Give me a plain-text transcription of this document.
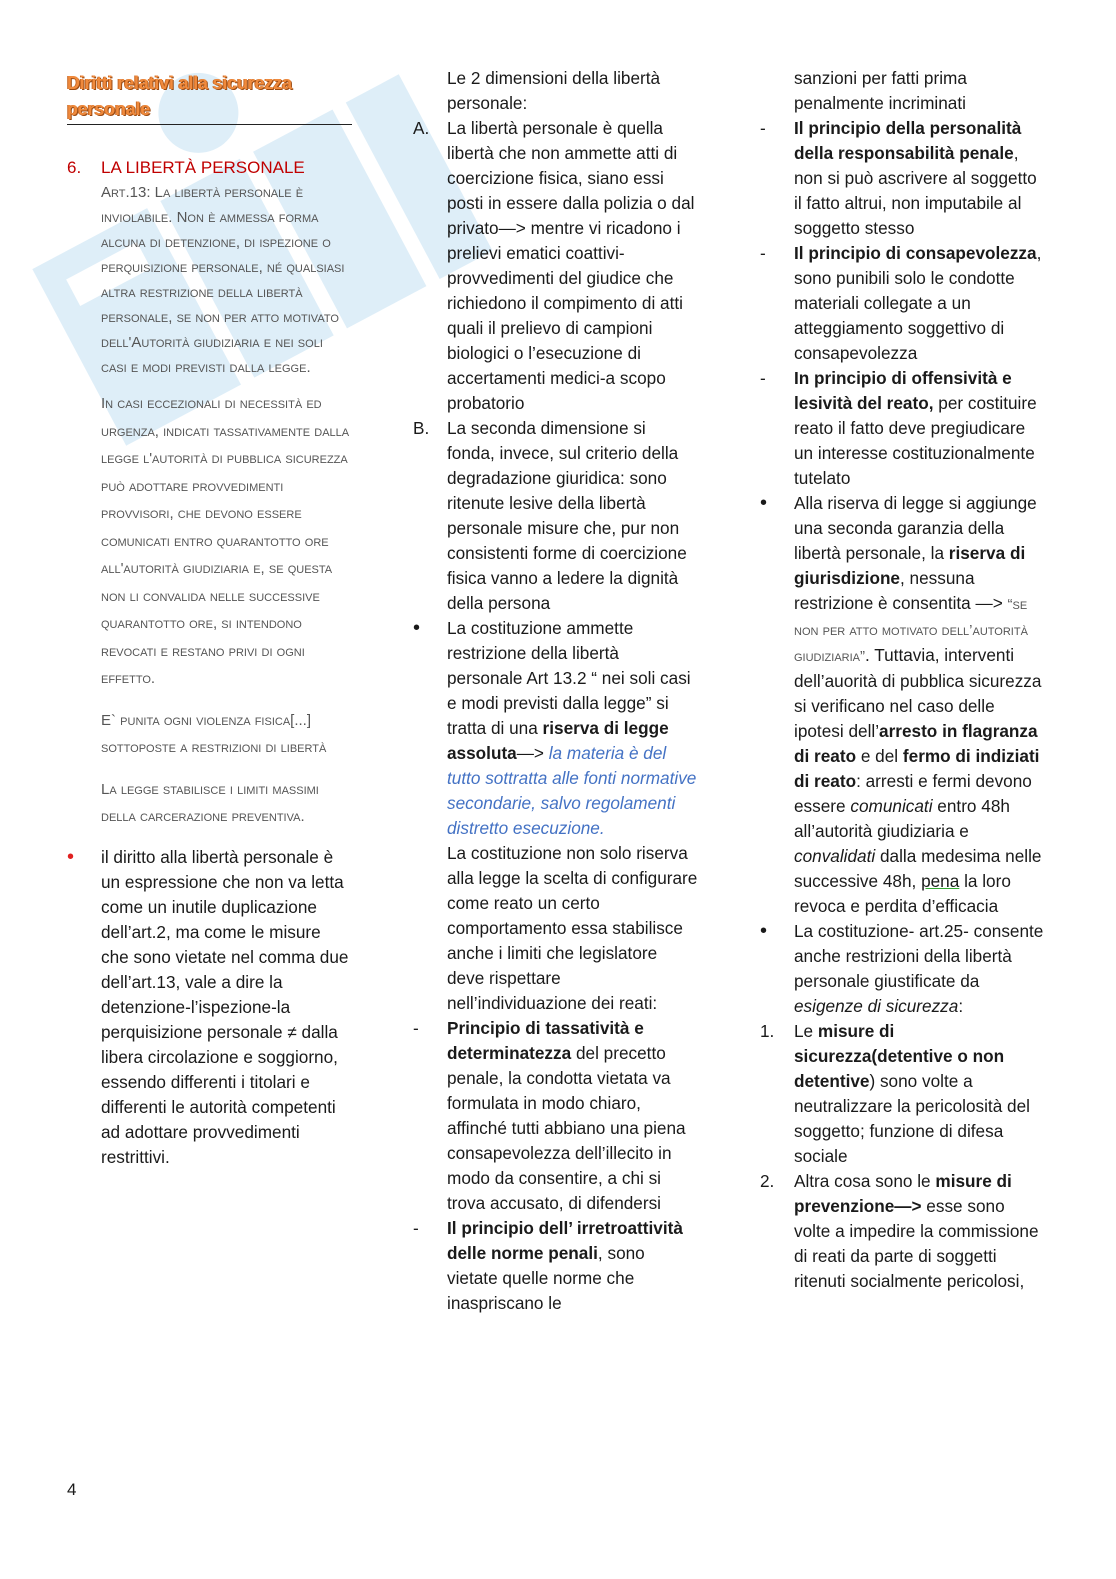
Diritti relativi alla sicurezza personale
6.	LA LIBERTÀ PERSONALE
Art.13: La libertà personale è inviolabile. Non è ammessa forma alcuna di detenzione, di ispezione o perquisizione personale, né qualsiasi altra restrizione della libertà personale, se non per atto motivato dell'Autorità giudiziaria e nei soli casi e modi previsti dalla legge.
In casi eccezionali di necessità ed urgenza, indicati tassativamente dalla legge l'autorità di pubblica sicurezza può adottare provvedimenti provvisori, che devono essere comunicati entro quarantotto ore all'autorità giudiziaria e, se questa non li convalida nelle successive quarantotto ore, si intendono revocati e restano privi di ogni effetto.
E` punita ogni violenza fisica[...] sottoposte a restrizioni di libertà
La legge stabilisce i limiti massimi della carcerazione preventiva.
•	il diritto alla libertà personale è un espressione che non va letta come un inutile duplicazione dell’art.2, ma come le misure che sono vietate nel comma due dell’art.13, vale a dire la detenzione-l’ispezione-la perquisizione personale ≠ dalla libera circolazione e soggiorno, essendo differenti i titolari e differenti le autorità competenti ad adottare provvedimenti restrittivi.
Le 2 dimensioni della libertà personale:
A.	La libertà personale è quella libertà che non ammette atti di coercizione fisica, siano essi posti in essere dalla polizia o dal privato—> mentre vi ricadono i prelievi ematici coattivi- provvedimenti del giudice che richiedono il compimento di atti quali il prelievo di campioni biologici o l’esecuzione di accertamenti medici-a scopo probatorio
B.	La seconda dimensione si fonda, invece, sul criterio della degradazione giuridica: sono ritenute lesive della libertà personale misure che, pur non consistenti forme di coercizione fisica vanno a ledere la dignità della persona
•	La costituzione ammette restrizione della libertà personale Art 13.2 “ nei soli casi e modi previsti dalla legge” si tratta di una riserva di legge assoluta—> la materia è del tutto sottratta alle fonti normative secondarie, salvo regolamenti distretto esecuzione.
La costituzione non solo riserva alla legge la scelta di configurare come reato un certo comportamento essa stabilisce anche i limiti che legislatore deve rispettare nell’individuazione dei reati:
-	Principio di tassatività e determinatezza del precetto penale, la condotta vietata va formulata in modo chiaro, affinché tutti abbiano una piena consapevolezza dell’illecito in modo da consentire, a chi si trova accusato, di difendersi
-	Il principio dell’ irretroattività delle norme penali, sono vietate quelle norme che inaspriscano le
sanzioni per fatti prima penalmente incriminati
-	Il principio della personalità della responsabilità penale, non si può ascrivere al soggetto il fatto altrui, non imputabile al soggetto stesso
-	Il principio di consapevolezza, sono punibili solo le condotte materiali collegate a un atteggiamento soggettivo di consapevolezza
-	In principio di offensività e lesività del reato, per costituire reato il fatto deve pregiudicare un interesse costituzionalmente tutelato
•	Alla riserva di legge si aggiunge una seconda garanzia della libertà personale, la riserva di giurisdizione, nessuna restrizione è consentita —> “se non per atto motivato dell’autorità giudiziaria”. Tuttavia, interventi dell’auorità di pubblica sicurezza si verificano nel caso delle ipotesi dell’arresto in flagranza di reato e del fermo di indiziati di reato: arresti e fermi devono essere comunicati entro 48h all’autorità giudiziaria e convalidati dalla medesima nelle successive 48h, pena la loro revoca e perdita d’efficacia
•	La costituzione- art.25- consente anche restrizioni della libertà personale giustificate da esigenze di sicurezza:
1.	Le misure di sicurezza(detentive o non detentive) sono volte a neutralizzare la pericolosità del soggetto; funzione di difesa sociale
2.	Altra cosa sono le misure di prevenzione—> esse sono volte a impedire la commissione di reati da parte di soggetti ritenuti socialmente pericolosi,
4
